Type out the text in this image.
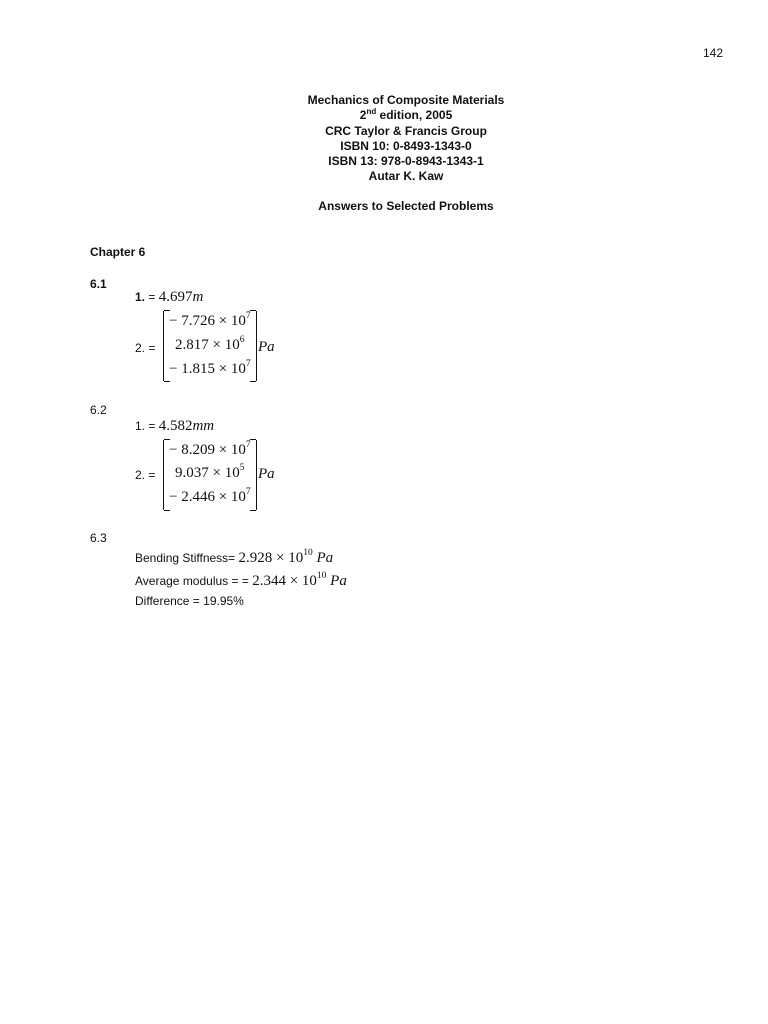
142
Mechanics of Composite Materials
2nd edition, 2005
CRC Taylor & Francis Group
ISBN 10: 0-8493-1343-0
ISBN 13: 978-0-8943-1343-1
Autar K. Kaw
Answers to Selected Problems
Chapter 6
6.1
1. = 4.697m
2. =
− $7.726 \times 10^7$
$2.817 \times 10^6$
− $1.815 \times 10^7$
Pa
6.2
1. = 4.582mm
2. =
− $8.209 \times 10^7$
$9.037 \times 10^5$
− $2.446 \times 10^7$
Pa
6.3
Bending Stiffness= $2.928 \times 10^{10}$ Pa
Average modulus = = $2.344 \times 10^{10}$ Pa
Difference = 19.95%
